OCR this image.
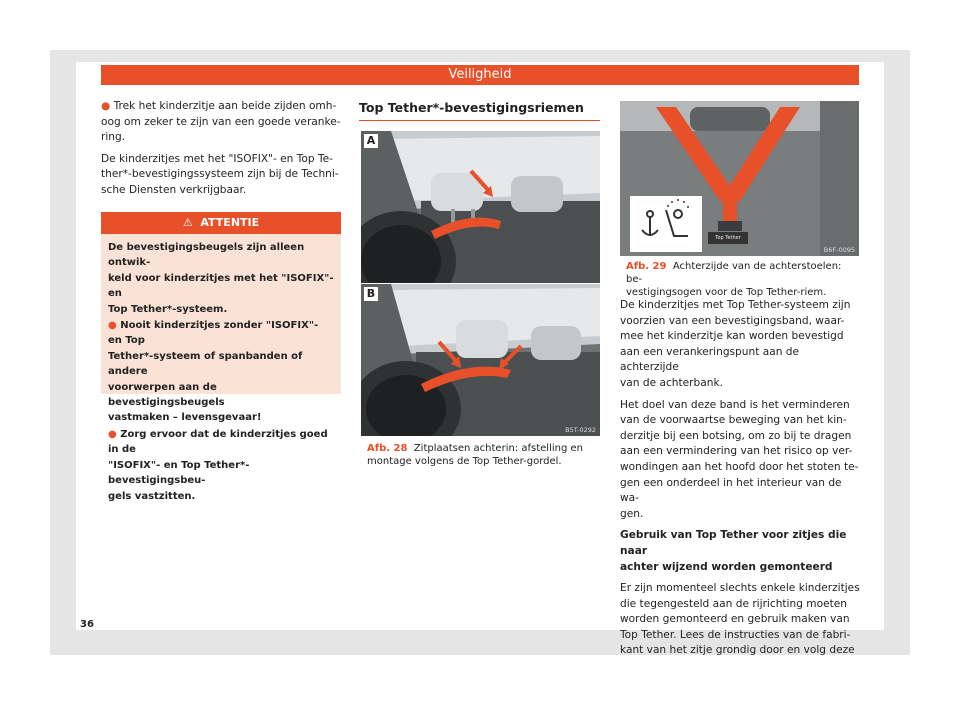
Veiligheid

● Trek het kinderzitje aan beide zijden omh-
oog om zeker te zijn van een goede veranke-
ring.

De kinderzitjes met het "ISOFIX"- en Top Te-
ther*-bevestigingssysteem zijn bij de Techni-
sche Diensten verkrijgbaar.

⚠ ATTENTIE

De bevestigingsbeugels zijn alleen ontwik-
keld voor kinderzitjes met het "ISOFIX"- en
Top Tether*-systeem.

● Nooit kinderzitjes zonder "ISOFIX"- en Top
Tether*-systeem of spanbanden of andere
voorwerpen aan de bevestigingsbeugels
vastmaken – levensgevaar!

● Zorg ervoor dat de kinderzitjes goed in de
"ISOFIX"- en Top Tether*-bevestigingsbeu-
gels vastzitten.

Top Tether*-bevestigingsriemen
A
B
B5T-0292
Afb. 28 Zitplaatsen achterin: afstelling en
montage volgens de Top Tether-gordel.
B6F-0095
Top Tether
Afb. 29 Achterzijde van de achterstoelen: be-
vestigingsogen voor de Top Tether-riem.

De kinderzitjes met Top Tether-systeem zijn
voorzien van een bevestigingsband, waar-
mee het kinderzitje kan worden bevestigd
aan een verankeringspunt aan de achterzijde
van de achterbank.

Het doel van deze band is het verminderen
van de voorwaartse beweging van het kin-
derzitje bij een botsing, om zo bij te dragen
aan een vermindering van het risico op ver-
wondingen aan het hoofd door het stoten te-
gen een onderdeel in het interieur van de wa-
gen.

Gebruik van Top Tether voor zitjes die naar
achter wijzend worden gemonteerd

Er zijn momenteel slechts enkele kinderzitjes
die tegengesteld aan de rijrichting moeten
worden gemonteerd en gebruik maken van
Top Tether. Lees de instructies van de fabri-
kant van het zitje grondig door en volg deze

36
